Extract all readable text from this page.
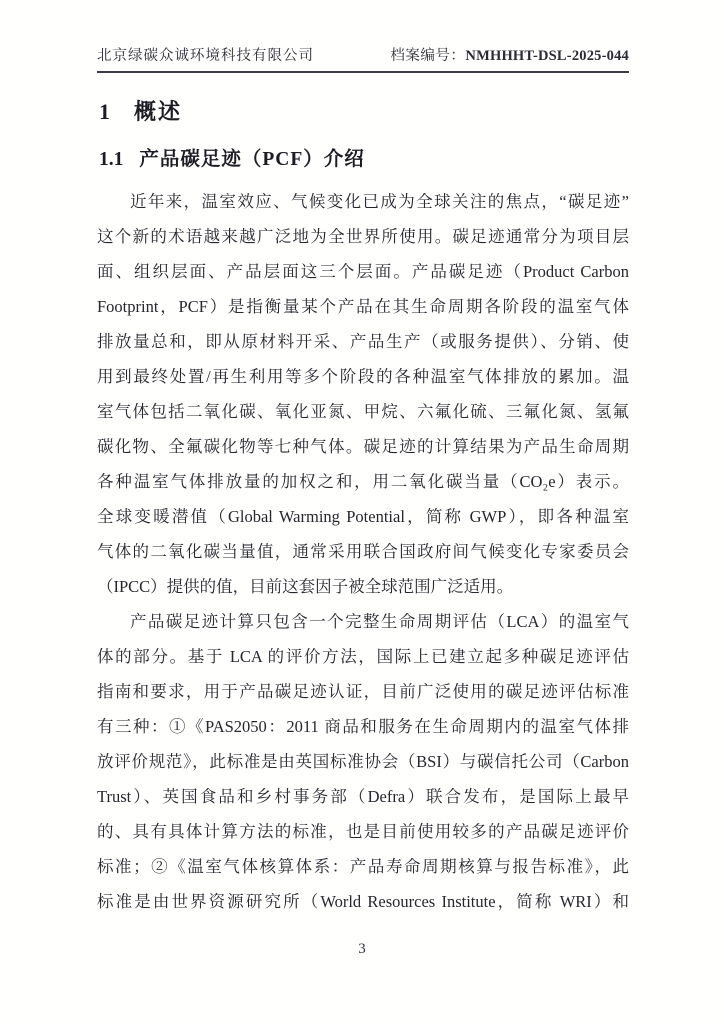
北京绿碳众诚环境科技有限公司	档案编号：NMHHHT-DSL-2025-044
1 概述
1.1 产品碳足迹（PCF）介绍
近年来，温室效应、气候变化已成为全球关注的焦点，“碳足迹”
这个新的术语越来越广泛地为全世界所使用。碳足迹通常分为项目层
面、组织层面、产品层面这三个层面。产品碳足迹（Product Carbon
Footprint，PCF）是指衡量某个产品在其生命周期各阶段的温室气体
排放量总和，即从原材料开采、产品生产（或服务提供）、分销、使
用到最终处置/再生利用等多个阶段的各种温室气体排放的累加。温
室气体包括二氧化碳、氧化亚氮、甲烷、六氟化硫、三氟化氮、氢氟
碳化物、全氟碳化物等七种气体。碳足迹的计算结果为产品生命周期
各种温室气体排放量的加权之和，用二氧化碳当量（CO₂e）表示。
全球变暖潜值（Global Warming Potential，简称 GWP），即各种温室
气体的二氧化碳当量值，通常采用联合国政府间气候变化专家委员会
（IPCC）提供的值，目前这套因子被全球范围广泛适用。
产品碳足迹计算只包含一个完整生命周期评估（LCA）的温室气
体的部分。基于 LCA 的评价方法，国际上已建立起多种碳足迹评估
指南和要求，用于产品碳足迹认证，目前广泛使用的碳足迹评估标准
有三种：①《PAS2050：2011 商品和服务在生命周期内的温室气体排
放评价规范》，此标准是由英国标准协会（BSI）与碳信托公司（Carbon
Trust）、英国食品和乡村事务部（Defra）联合发布，是国际上最早
的、具有具体计算方法的标准，也是目前使用较多的产品碳足迹评价
标准；②《温室气体核算体系：产品寿命周期核算与报告标准》，此
标准是由世界资源研究所（World Resources Institute，简称 WRI）和
3
